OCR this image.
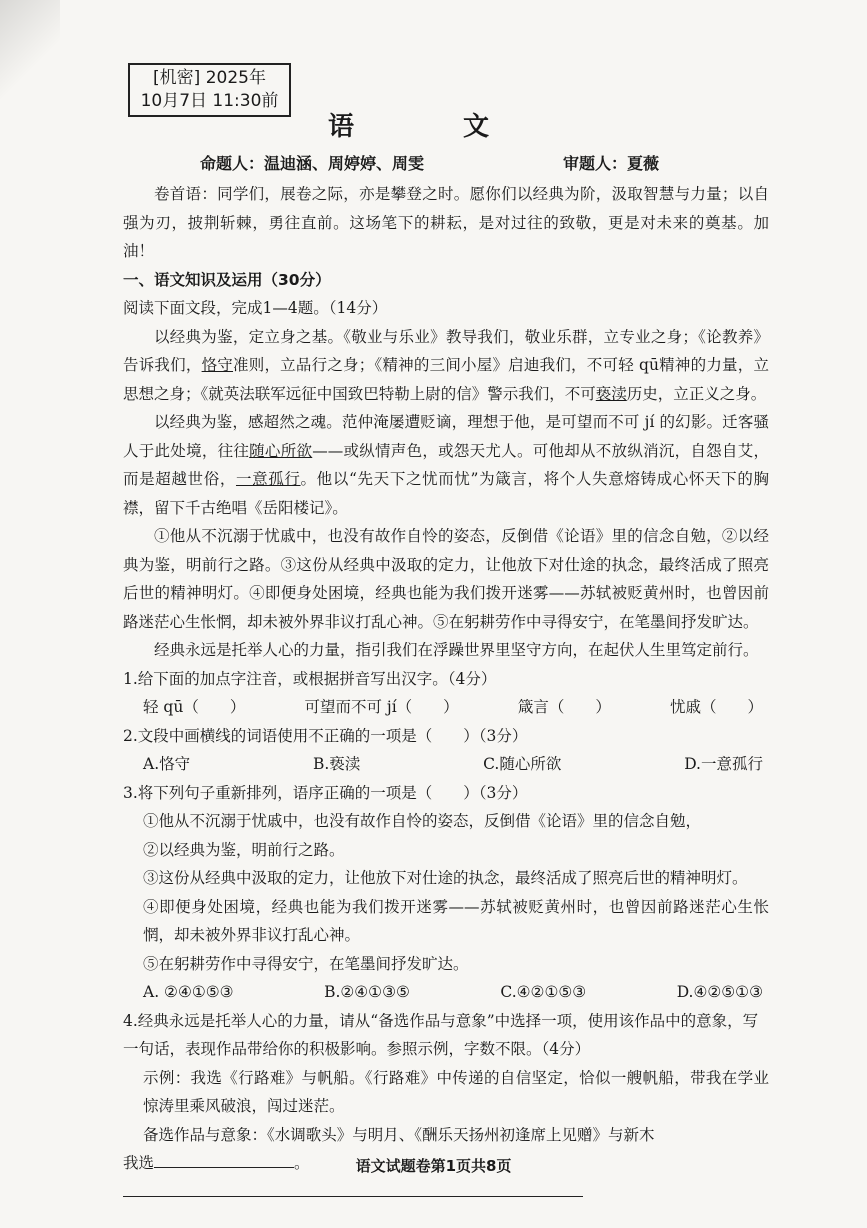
[机密] 2025年
10月7日 11:30前
语 文
命题人：温迪涵、周婷婷、周雯	审题人：夏薇

卷首语：同学们，展卷之际，亦是攀登之时。愿你们以经典为阶，汲取智慧与力量；以自强为刃，披荆斩棘，勇往直前。这场笔下的耕耘，是对过往的致敬，更是对未来的奠基。加油！

一、语文知识及运用（30分）

阅读下面文段，完成1—4题。（14分）

以经典为鉴，定立身之基。《敬业与乐业》教导我们，敬业乐群，立专业之身；《论教养》告诉我们，恪守准则，立品行之身；《精神的三间小屋》启迪我们，不可轻 qū精神的力量，立思想之身；《就英法联军远征中国致巴特勒上尉的信》警示我们，不可亵渎历史，立正义之身。

以经典为鉴，感超然之魂。范仲淹屡遭贬谪，理想于他，是可望而不可 jí 的幻影。迁客骚人于此处境，往往随心所欲——或纵情声色，或怨天尤人。可他却从不放纵消沉，自怨自艾，而是超越世俗，一意孤行。他以“先天下之忧而忧”为箴言，将个人失意熔铸成心怀天下的胸襟，留下千古绝唱《岳阳楼记》。

①他从不沉溺于忧戚中，也没有故作自怜的姿态，反倒借《论语》里的信念自勉，②以经典为鉴，明前行之路。③这份从经典中汲取的定力，让他放下对仕途的执念，最终活成了照亮后世的精神明灯。④即便身处困境，经典也能为我们拨开迷雾——苏轼被贬黄州时，也曾因前路迷茫心生怅惘，却未被外界非议打乱心神。⑤在躬耕劳作中寻得安宁，在笔墨间抒发旷达。

经典永远是托举人心的力量，指引我们在浮躁世界里坚守方向，在起伏人生里笃定前行。

1.给下面的加点字注音，或根据拼音写出汉字。（4分）

轻 qū（　　）	可望而不可 jí（　　）	箴言（　　）	忧戚（　　）

2.文段中画横线的词语使用不正确的一项是（　　）（3分）

A.恪守	B.亵渎	C.随心所欲	D.一意孤行

3.将下列句子重新排列，语序正确的一项是（　　）（3分）

①他从不沉溺于忧戚中，也没有故作自怜的姿态，反倒借《论语》里的信念自勉，

②以经典为鉴，明前行之路。

③这份从经典中汲取的定力，让他放下对仕途的执念，最终活成了照亮后世的精神明灯。

④即便身处困境，经典也能为我们拨开迷雾——苏轼被贬黄州时，也曾因前路迷茫心生怅惘，却未被外界非议打乱心神。

⑤在躬耕劳作中寻得安宁，在笔墨间抒发旷达。

A. ②④①⑤③	B.②④①③⑤	C.④②①⑤③	D.④②⑤①③

4.经典永远是托举人心的力量，请从“备选作品与意象”中选择一项，使用该作品中的意象，写一句话，表现作品带给你的积极影响。参照示例，字数不限。（4分）

示例：我选《行路难》与帆船。《行路难》中传递的自信坚定，恰似一艘帆船，带我在学业惊涛里乘风破浪，闯过迷茫。

备选作品与意象：《水调歌头》与明月、《酬乐天扬州初逢席上见赠》与新木

我选	。	语文试题卷第1页共8页
